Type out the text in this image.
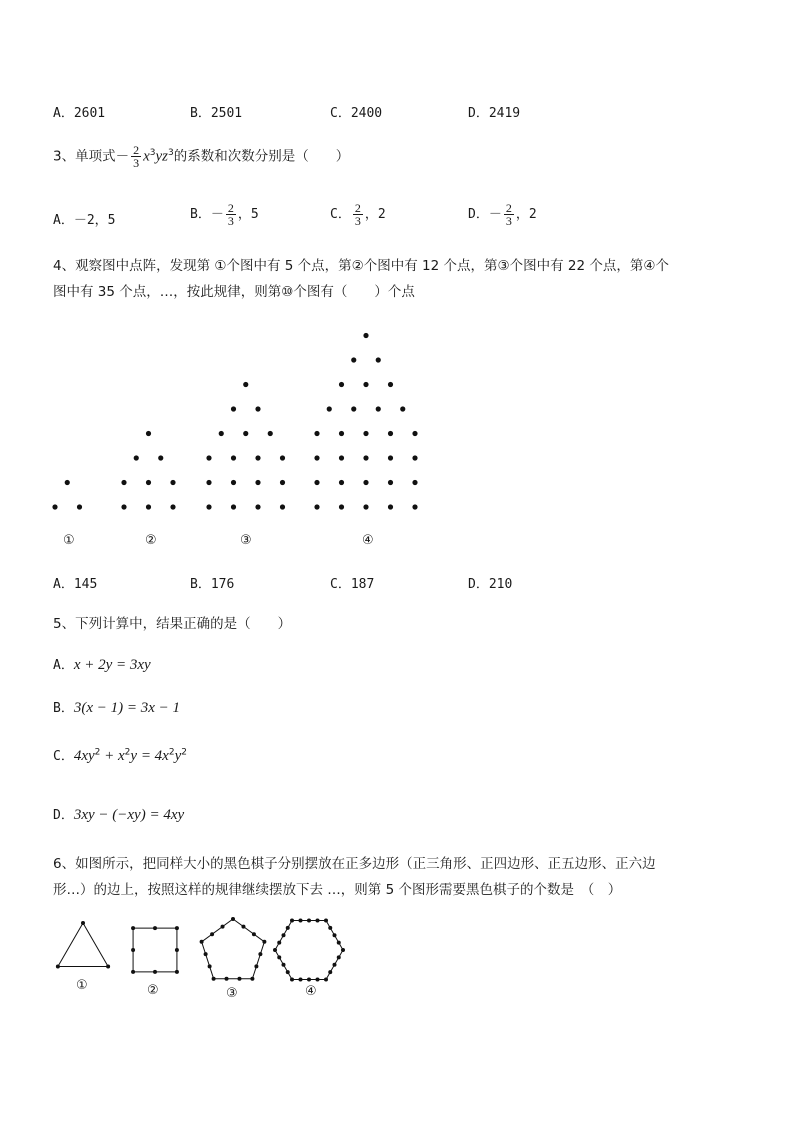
A．2601	B．2501	C．2400	D．2419
3、单项式－ $\frac{2}{3} x^3yz^3$的系数和次数分别是（　　）
A．－2，5	B．－ $\frac{2}{3}$ ，5	C． $\frac{2}{3}$ ，2	D．－ $\frac{2}{3}$ ，2
4、观察图中点阵，发现第 ①个图中有 5 个点，第②个图中有 12 个点，第③个图中有 22 个点，第④个
图中有 35 个点，…，按此规律，则第⑩个图有（　　）个点
①	②	③	④
A．145	B．176	C．187	D．210
5、下列计算中，结果正确的是（　　）
A．x + 2y = 3xy
B．3(x − 1) = 3x − 1
C．$4xy^2 + x^2y = 4x^2y^2$
D．3xy − (−xy) = 4xy
6、如图所示，把同样大小的黑色棋子分别摆放在正多边形（正三角形、正四边形、正五边形、正六边
形…）的边上，按照这样的规律继续摆放下去 …，则第 5 个图形需要黑色棋子的个数是　（　）
①	②	③	④
